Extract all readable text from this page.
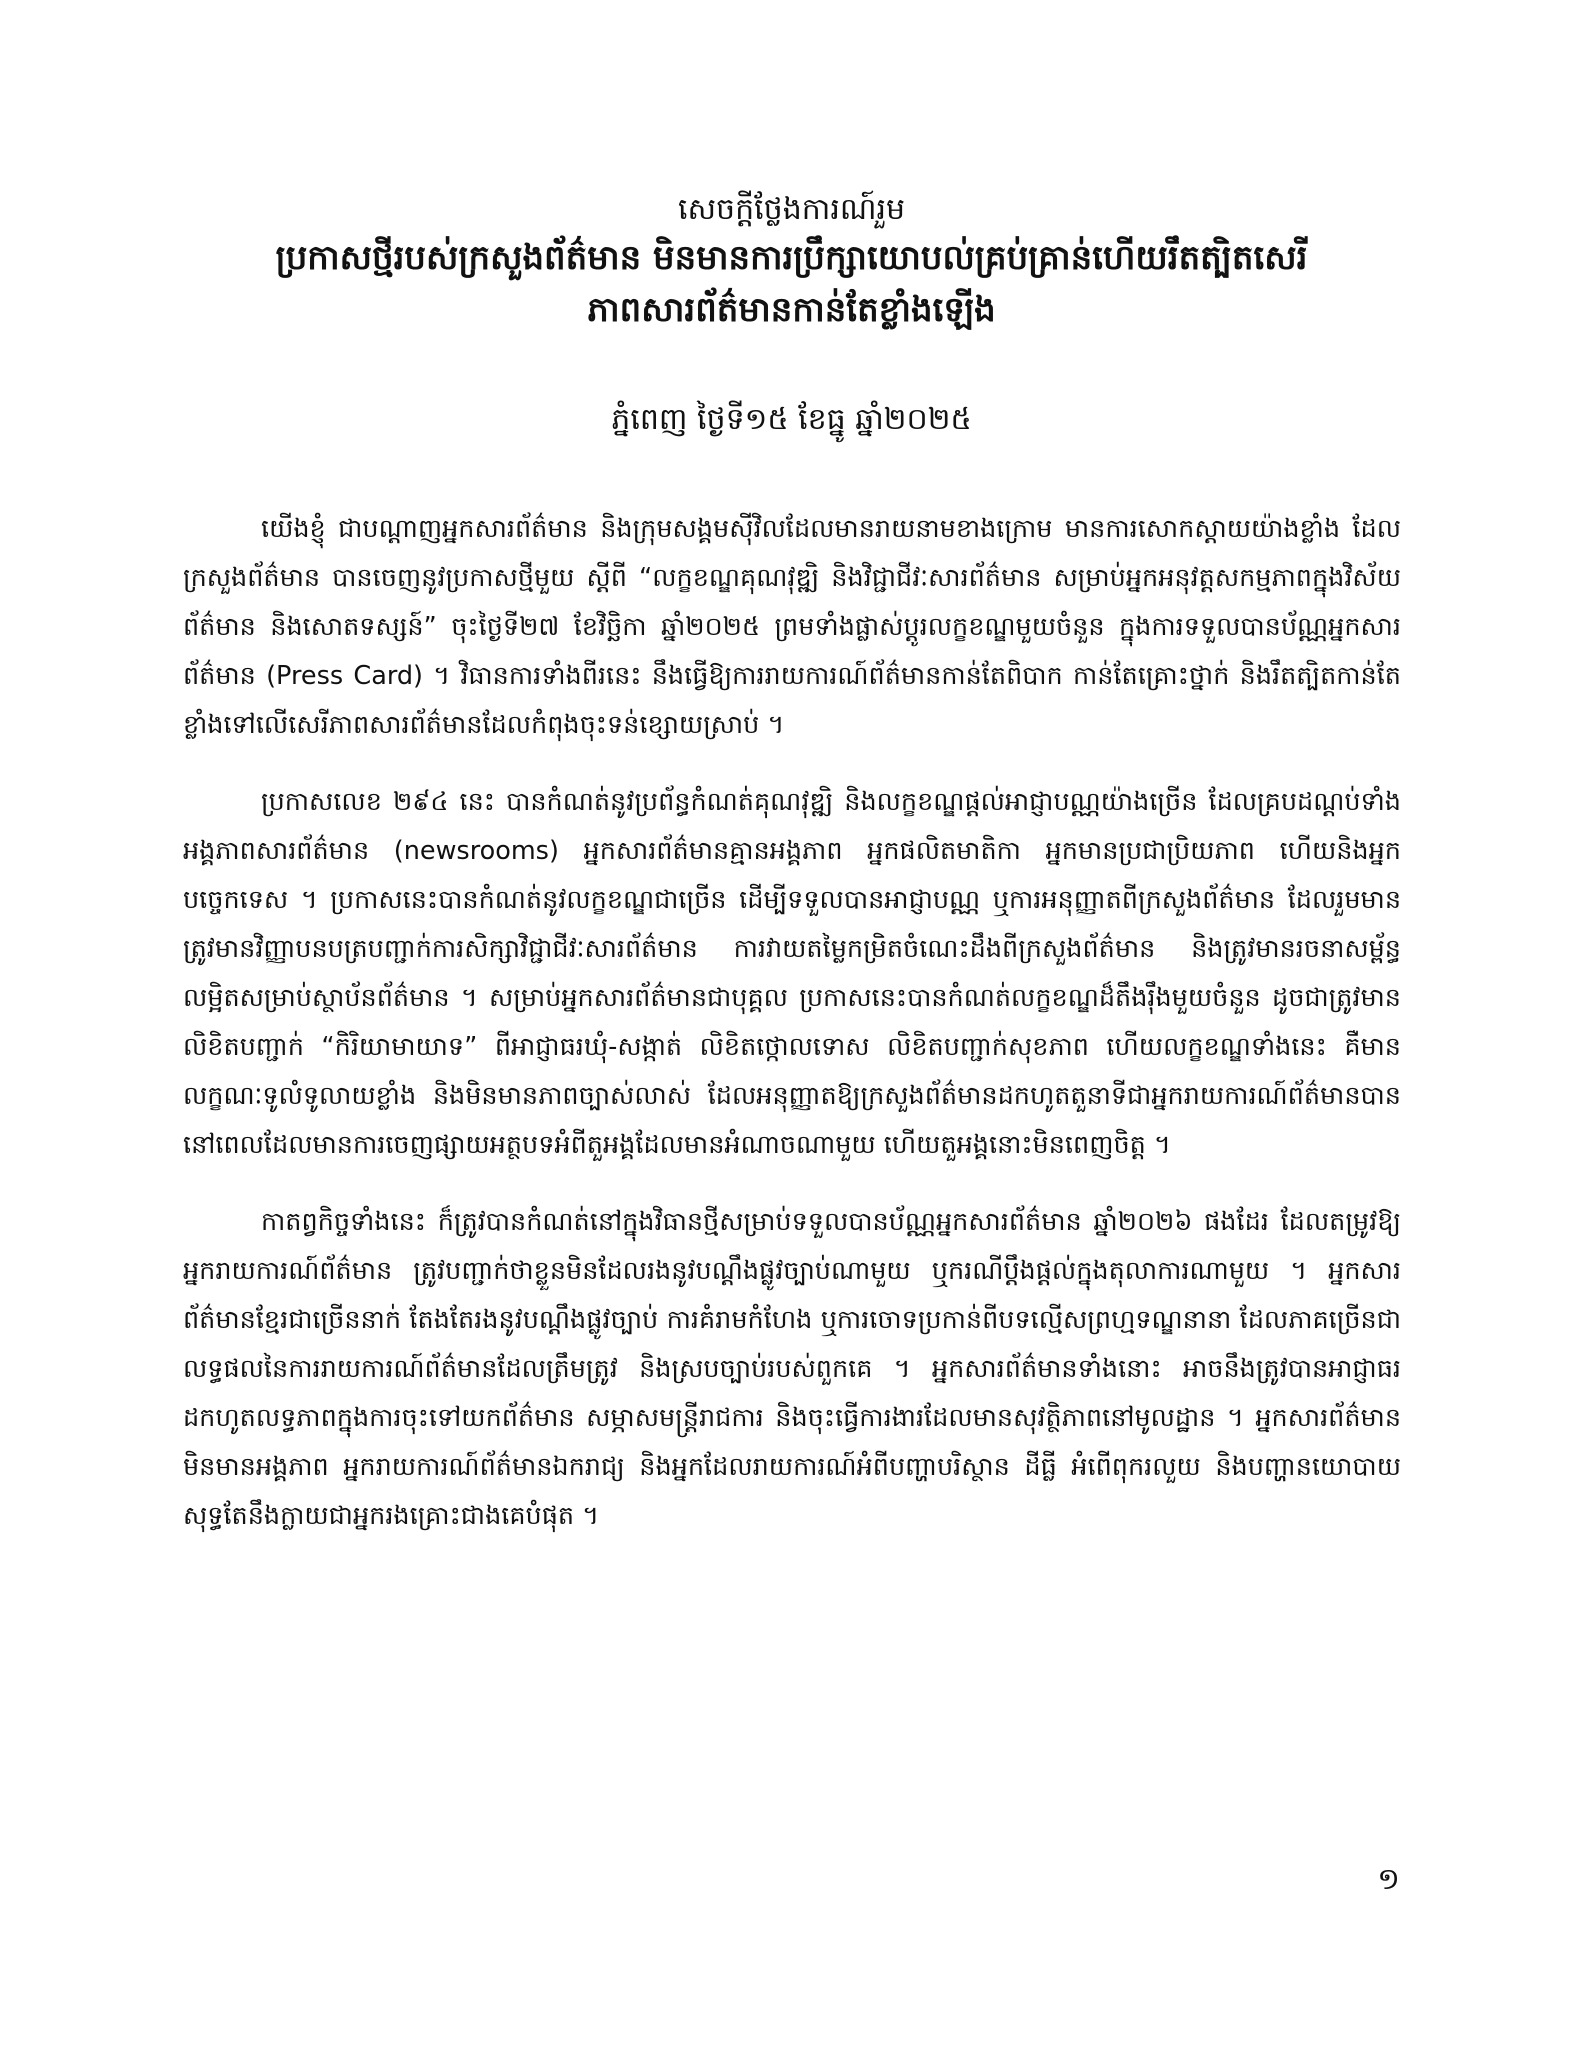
សេចក្តីថ្លែងការណ៍រួម

ប្រកាសថ្មីរបស់ក្រសួងព័ត៌មាន មិនមានការប្រឹក្សាយោបល់គ្រប់គ្រាន់ហើយរឹតត្បិតសេរី

ភាពសារព័ត៌មានកាន់តែខ្លាំងឡើង

ភ្នំពេញ ថ្ងៃទី១៥ ខែធ្នូ ឆ្នាំ២០២៥

យើងខ្ញុំ ជាបណ្ដាញអ្នកសារព័ត៌មាន និងក្រុមសង្គមស៊ីវិលដែលមានរាយនាមខាងក្រោម មានការសោកស្ដាយយ៉ាងខ្លាំង ដែលក្រសួងព័ត៌មាន បានចេញនូវប្រកាសថ្មីមួយ ស្ដីពី “លក្ខខណ្ឌគុណវុឌ្ឍិ និងវិជ្ជាជីវៈសារព័ត៌មាន សម្រាប់អ្នកអនុវត្តសកម្មភាពក្នុងវិស័យព័ត៌មាន និងសោតទស្សន៍” ចុះថ្ងៃទី២៧ ខែវិច្ឆិកា ឆ្នាំ២០២៥ ព្រមទាំងផ្លាស់ប្ដូរលក្ខខណ្ឌមួយចំនួន ក្នុងការទទួលបានប័ណ្ណអ្នកសារព័ត៌មាន (Press Card) ។ វិធានការទាំងពីរនេះ នឹងធ្វើឱ្យការរាយការណ៍ព័ត៌មានកាន់តែពិបាក កាន់តែគ្រោះថ្នាក់ និងរឹតត្បិតកាន់តែខ្លាំងទៅលើសេរីភាពសារព័ត៌មានដែលកំពុងចុះទន់ខ្សោយស្រាប់ ។

ប្រកាសលេខ ២៩៤ នេះ បានកំណត់នូវប្រព័ន្ធកំណត់គុណវុឌ្ឍិ និងលក្ខខណ្ឌផ្ដល់អាជ្ញាបណ្ណយ៉ាងច្រើន ដែលគ្របដណ្ដប់ទាំងអង្គភាពសារព័ត៌មាន (newsrooms) អ្នកសារព័ត៌មានគ្មានអង្គភាព អ្នកផលិតមាតិកា អ្នកមានប្រជាប្រិយភាព ហើយនិងអ្នកបច្ចេកទេស ។ ប្រកាសនេះបានកំណត់នូវលក្ខខណ្ឌជាច្រើន ដើម្បីទទួលបានអាជ្ញាបណ្ណ ឬការអនុញ្ញាតពីក្រសួងព័ត៌មាន ដែលរួមមានត្រូវមានវិញ្ញាបនបត្របញ្ជាក់ការសិក្សាវិជ្ជាជីវៈសារព័ត៌មាន ការវាយតម្លៃកម្រិតចំណេះដឹងពីក្រសួងព័ត៌មាន និងត្រូវមានរចនាសម្ព័ន្ធលម្អិតសម្រាប់ស្ថាប័នព័ត៌មាន ។ សម្រាប់អ្នកសារព័ត៌មានជាបុគ្គល ប្រកាសនេះបានកំណត់លក្ខខណ្ឌដ៏តឹងរ៉ឹងមួយចំនួន ដូចជាត្រូវមានលិខិតបញ្ជាក់ “កិរិយាមាយាទ” ពីអាជ្ញាធរឃុំ-សង្កាត់ លិខិតថ្កោលទោស លិខិតបញ្ជាក់សុខភាព ហើយលក្ខខណ្ឌទាំងនេះ គឺមានលក្ខណៈទូលំទូលាយខ្លាំង និងមិនមានភាពច្បាស់លាស់ ដែលអនុញ្ញាតឱ្យក្រសួងព័ត៌មានដកហូតតួនាទីជាអ្នករាយការណ៍ព័ត៌មានបាន នៅពេលដែលមានការចេញផ្សាយអត្ថបទអំពីតួអង្គដែលមានអំណាចណាមួយ ហើយតួអង្គនោះមិនពេញចិត្ត ។

កាតព្វកិច្ចទាំងនេះ ក៏ត្រូវបានកំណត់នៅក្នុងវិធានថ្មីសម្រាប់ទទួលបានប័ណ្ណអ្នកសារព័ត៌មាន ឆ្នាំ២០២៦ ផងដែរ ដែលតម្រូវឱ្យអ្នករាយការណ៍ព័ត៌មាន ត្រូវបញ្ជាក់ថាខ្លួនមិនដែលរងនូវបណ្ដឹងផ្លូវច្បាប់ណាមួយ ឬករណីប្ដឹងផ្ដល់ក្នុងតុលាការណាមួយ ។ អ្នកសារព័ត៌មានខ្មែរជាច្រើននាក់ តែងតែរងនូវបណ្ដឹងផ្លូវច្បាប់ ការគំរាមកំហែង ឬការចោទប្រកាន់ពីបទល្មើសព្រហ្មទណ្ឌនានា ដែលភាគច្រើនជាលទ្ធផលនៃការរាយការណ៍ព័ត៌មានដែលត្រឹមត្រូវ និងស្របច្បាប់របស់ពួកគេ ។ អ្នកសារព័ត៌មានទាំងនោះ អាចនឹងត្រូវបានអាជ្ញាធរដកហូតលទ្ធភាពក្នុងការចុះទៅយកព័ត៌មាន សម្ភាសមន្ត្រីរាជការ និងចុះធ្វើការងារដែលមានសុវត្ថិភាពនៅមូលដ្ឋាន ។ អ្នកសារព័ត៌មានមិនមានអង្គភាព អ្នករាយការណ៍ព័ត៌មានឯករាជ្យ និងអ្នកដែលរាយការណ៍អំពីបញ្ហាបរិស្ថាន ដីធ្លី អំពើពុករលួយ និងបញ្ហានយោបាយ សុទ្ធតែនឹងក្លាយជាអ្នករងគ្រោះជាងគេបំផុត ។

១
